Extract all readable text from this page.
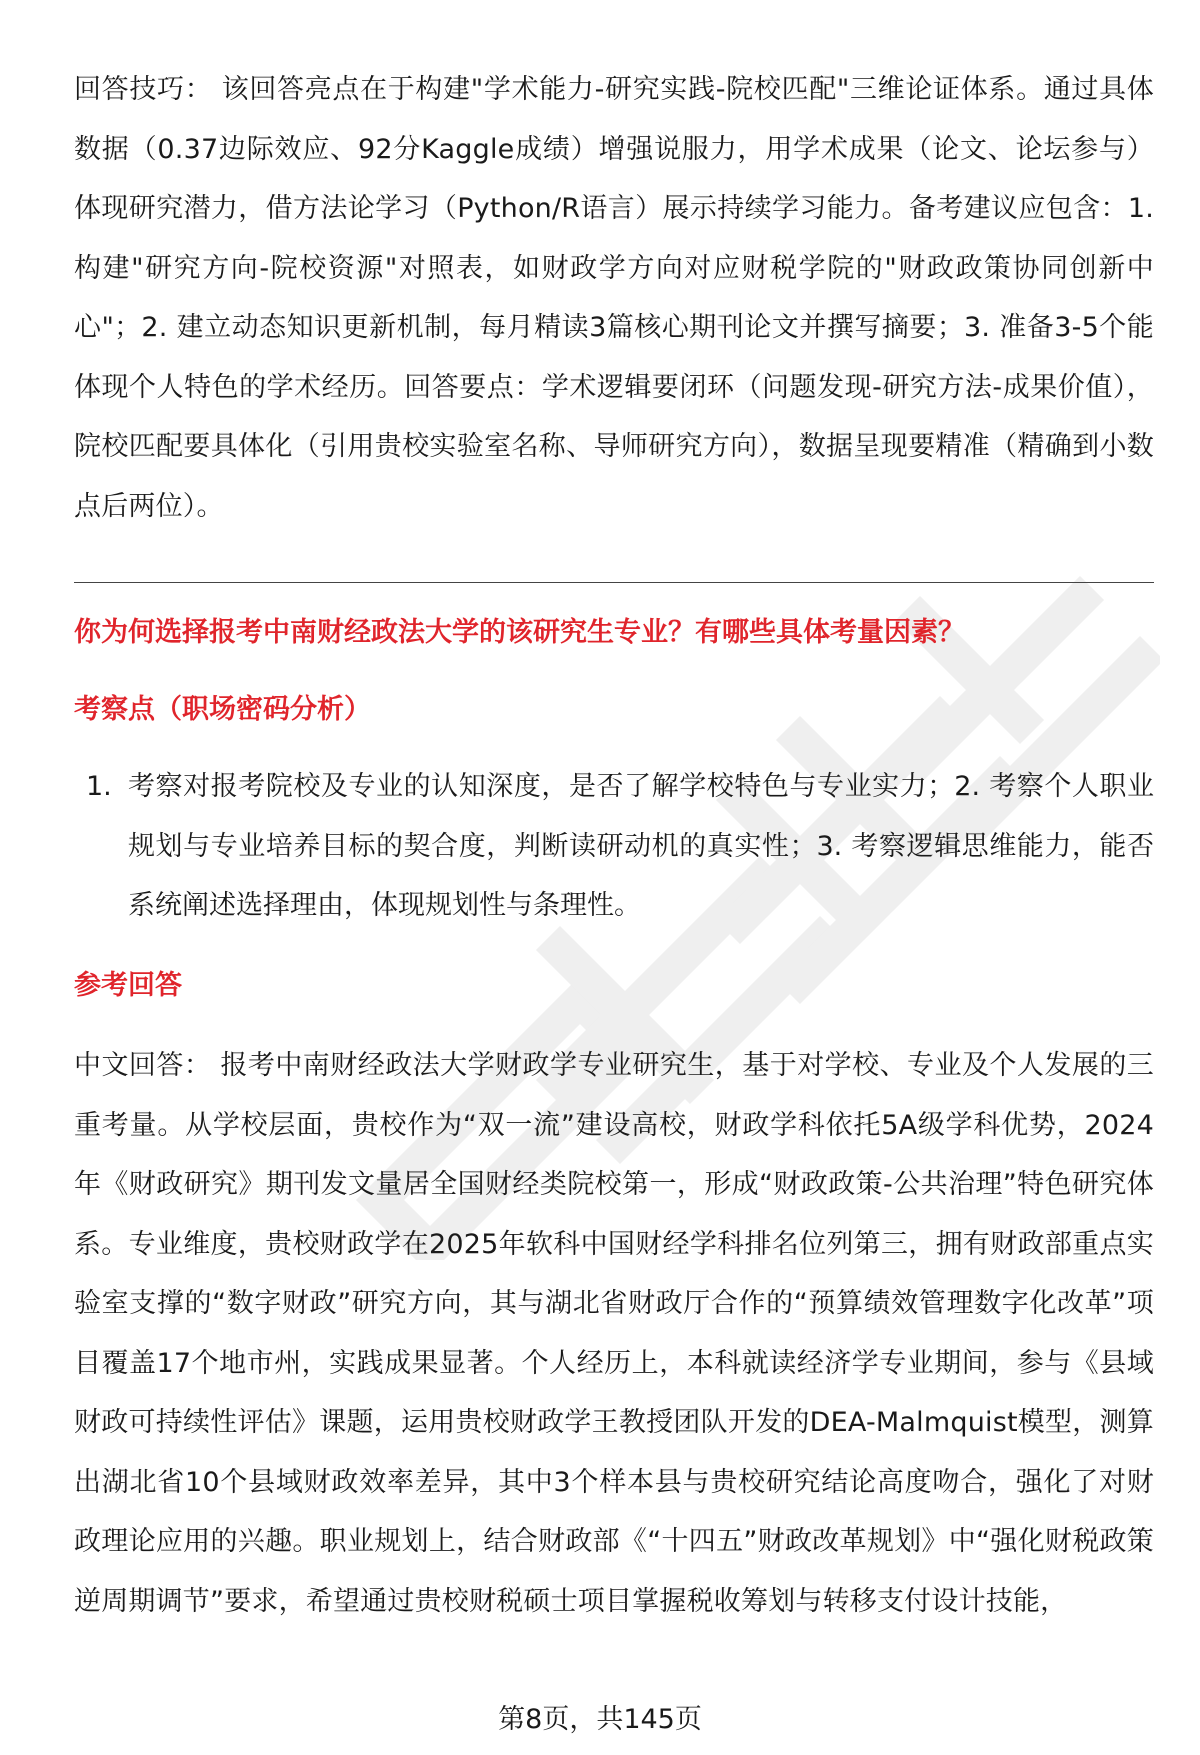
回答技巧： 该回答亮点在于构建"学术能力-研究实践-院校匹配"三维论证体系。通过具体数据（0.37边际效应、92分Kaggle成绩）增强说服力，用学术成果（论文、论坛参与）体现研究潜力，借方法论学习（Python/R语言）展示持续学习能力。备考建议应包含：1. 构建"研究方向-院校资源"对照表，如财政学方向对应财税学院的"财政政策协同创新中心"；2. 建立动态知识更新机制，每月精读3篇核心期刊论文并撰写摘要；3. 准备3-5个能体现个人特色的学术经历。回答要点：学术逻辑要闭环（问题发现-研究方法-成果价值），院校匹配要具体化（引用贵校实验室名称、导师研究方向），数据呈现要精准（精确到小数点后两位）。

你为何选择报考中南财经政法大学的该研究生专业？有哪些具体考量因素？
考察点（职场密码分析）
1. 考察对报考院校及专业的认知深度，是否了解学校特色与专业实力；2. 考察个人职业规划与专业培养目标的契合度，判断读研动机的真实性；3. 考察逻辑思维能力，能否系统阐述选择理由，体现规划性与条理性。
参考回答

中文回答： 报考中南财经政法大学财政学专业研究生，基于对学校、专业及个人发展的三重考量。从学校层面，贵校作为“双一流”建设高校，财政学科依托5A级学科优势，2024年《财政研究》期刊发文量居全国财经类院校第一，形成“财政政策-公共治理”特色研究体系。专业维度，贵校财政学在2025年软科中国财经学科排名位列第三，拥有财政部重点实验室支撑的“数字财政”研究方向，其与湖北省财政厅合作的“预算绩效管理数字化改革”项目覆盖17个地市州，实践成果显著。个人经历上，本科就读经济学专业期间，参与《县域财政可持续性评估》课题，运用贵校财政学王教授团队开发的DEA-Malmquist模型，测算出湖北省10个县域财政效率差异，其中3个样本县与贵校研究结论高度吻合，强化了对财政理论应用的兴趣。职业规划上，结合财政部《“十四五”财政改革规划》中“强化财税政策逆周期调节”要求，希望通过贵校财税硕士项目掌握税收筹划与转移支付设计技能，

第8页，共145页
